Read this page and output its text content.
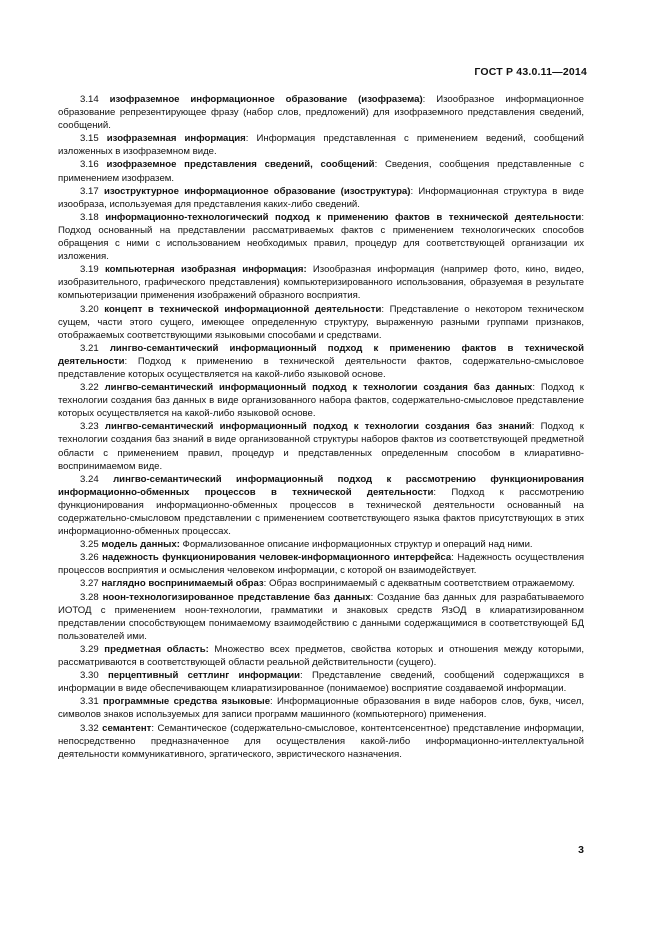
ГОСТ Р 43.0.11—2014

3.14 изофраземное информационное образование (изофразема): Изообразное информационное образование репрезентирующее фразу (набор слов, предложений) для изофраземного представления сведений, сообщений.

3.15 изофраземная информация: Информация представленная с применением ведений, сообщений изложенных в изофраземном виде.

3.16 изофраземное представления сведений, сообщений: Сведения, сообщения представленные с применением изофразем.

3.17 изоструктурное информационное образование (изоструктура): Информационная структура в виде изообраза, используемая для представления каких-либо сведений.

3.18 информационно-технологический подход к применению фактов в технической деятельности: Подход основанный на представлении рассматриваемых фактов с применением технологических способов обращения с ними с использованием необходимых правил, процедур для соответствующей организации их изложения.

3.19 компьютерная изобразная информация: Изообразная информация (например фото, кино, видео, изобразительного, графического представления) компьютеризированного использования, образуемая в результате компьютеризации применения изображений образного восприятия.

3.20 концепт в технической информационной деятельности: Представление о некотором техническом сущем, части этого сущего, имеющее определенную структуру, выраженную разными группами признаков, отображаемых соответствующими языковыми способами и средствами.

3.21 лингво-семантический информационный подход к применению фактов в технической деятельности: Подход к применению в технической деятельности фактов, содержательно-смысловое представление которых осуществляется на какой-либо языковой основе.

3.22 лингво-семантический информационный подход к технологии создания баз данных: Подход к технологии создания баз данных в виде организованного набора фактов, содержательно-смысловое представление которых осуществляется на какой-либо языковой основе.

3.23 лингво-семантический информационный подход к технологии создания баз знаний: Подход к технологии создания баз знаний в виде организованной структуры наборов фактов из соответствующей предметной области с применением правил, процедур и представленных определенным способом в клиаративно-воспринимаемом виде.

3.24 лингво-семантический информационный подход к рассмотрению функционирования информационно-обменных процессов в технической деятельности: Подход к рассмотрению функционирования информационно-обменных процессов в технической деятельности основанный на содержательно-смысловом представлении с применением соответствующего языка фактов присутствующих в этих информационно-обменных процессах.

3.25 модель данных: Формализованное описание информационных структур и операций над ними.

3.26 надежность функционирования человек-информационного интерфейса: Надежность осуществления процессов восприятия и осмысления человеком информации, с которой он взаимодействует.

3.27 наглядно воспринимаемый образ: Образ воспринимаемый с адекватным соответствием отражаемому.

3.28 ноон-технологизированное представление баз данных: Создание баз данных для разрабатываемого ИОТОД с применением ноон-технологии, грамматики и знаковых средств ЯзОД в клиаратизированном представлении способствующем понимаемому взаимодействию с данными содержащимися в соответствующей БД пользователей ими.

3.29 предметная область: Множество всех предметов, свойства которых и отношения между которыми, рассматриваются в соответствующей области реальной действительности (сущего).

3.30 перцептивный сеттлинг информации: Представление сведений, сообщений содержащихся в информации в виде обеспечивающем клиаратизированное (понимаемое) восприятие создаваемой информации.

3.31 программные средства языковые: Информационные образования в виде наборов слов, букв, чисел, символов знаков используемых для записи программ машинного (компьютерного) применения.

3.32 семантент: Семантическое (содержательно-смысловое, контентсенсентное) представление информации, непосредственно предназначенное для осуществления какой-либо информационно-интеллектуальной деятельности коммуникативного, эргатического, эвристического назначения.

3
